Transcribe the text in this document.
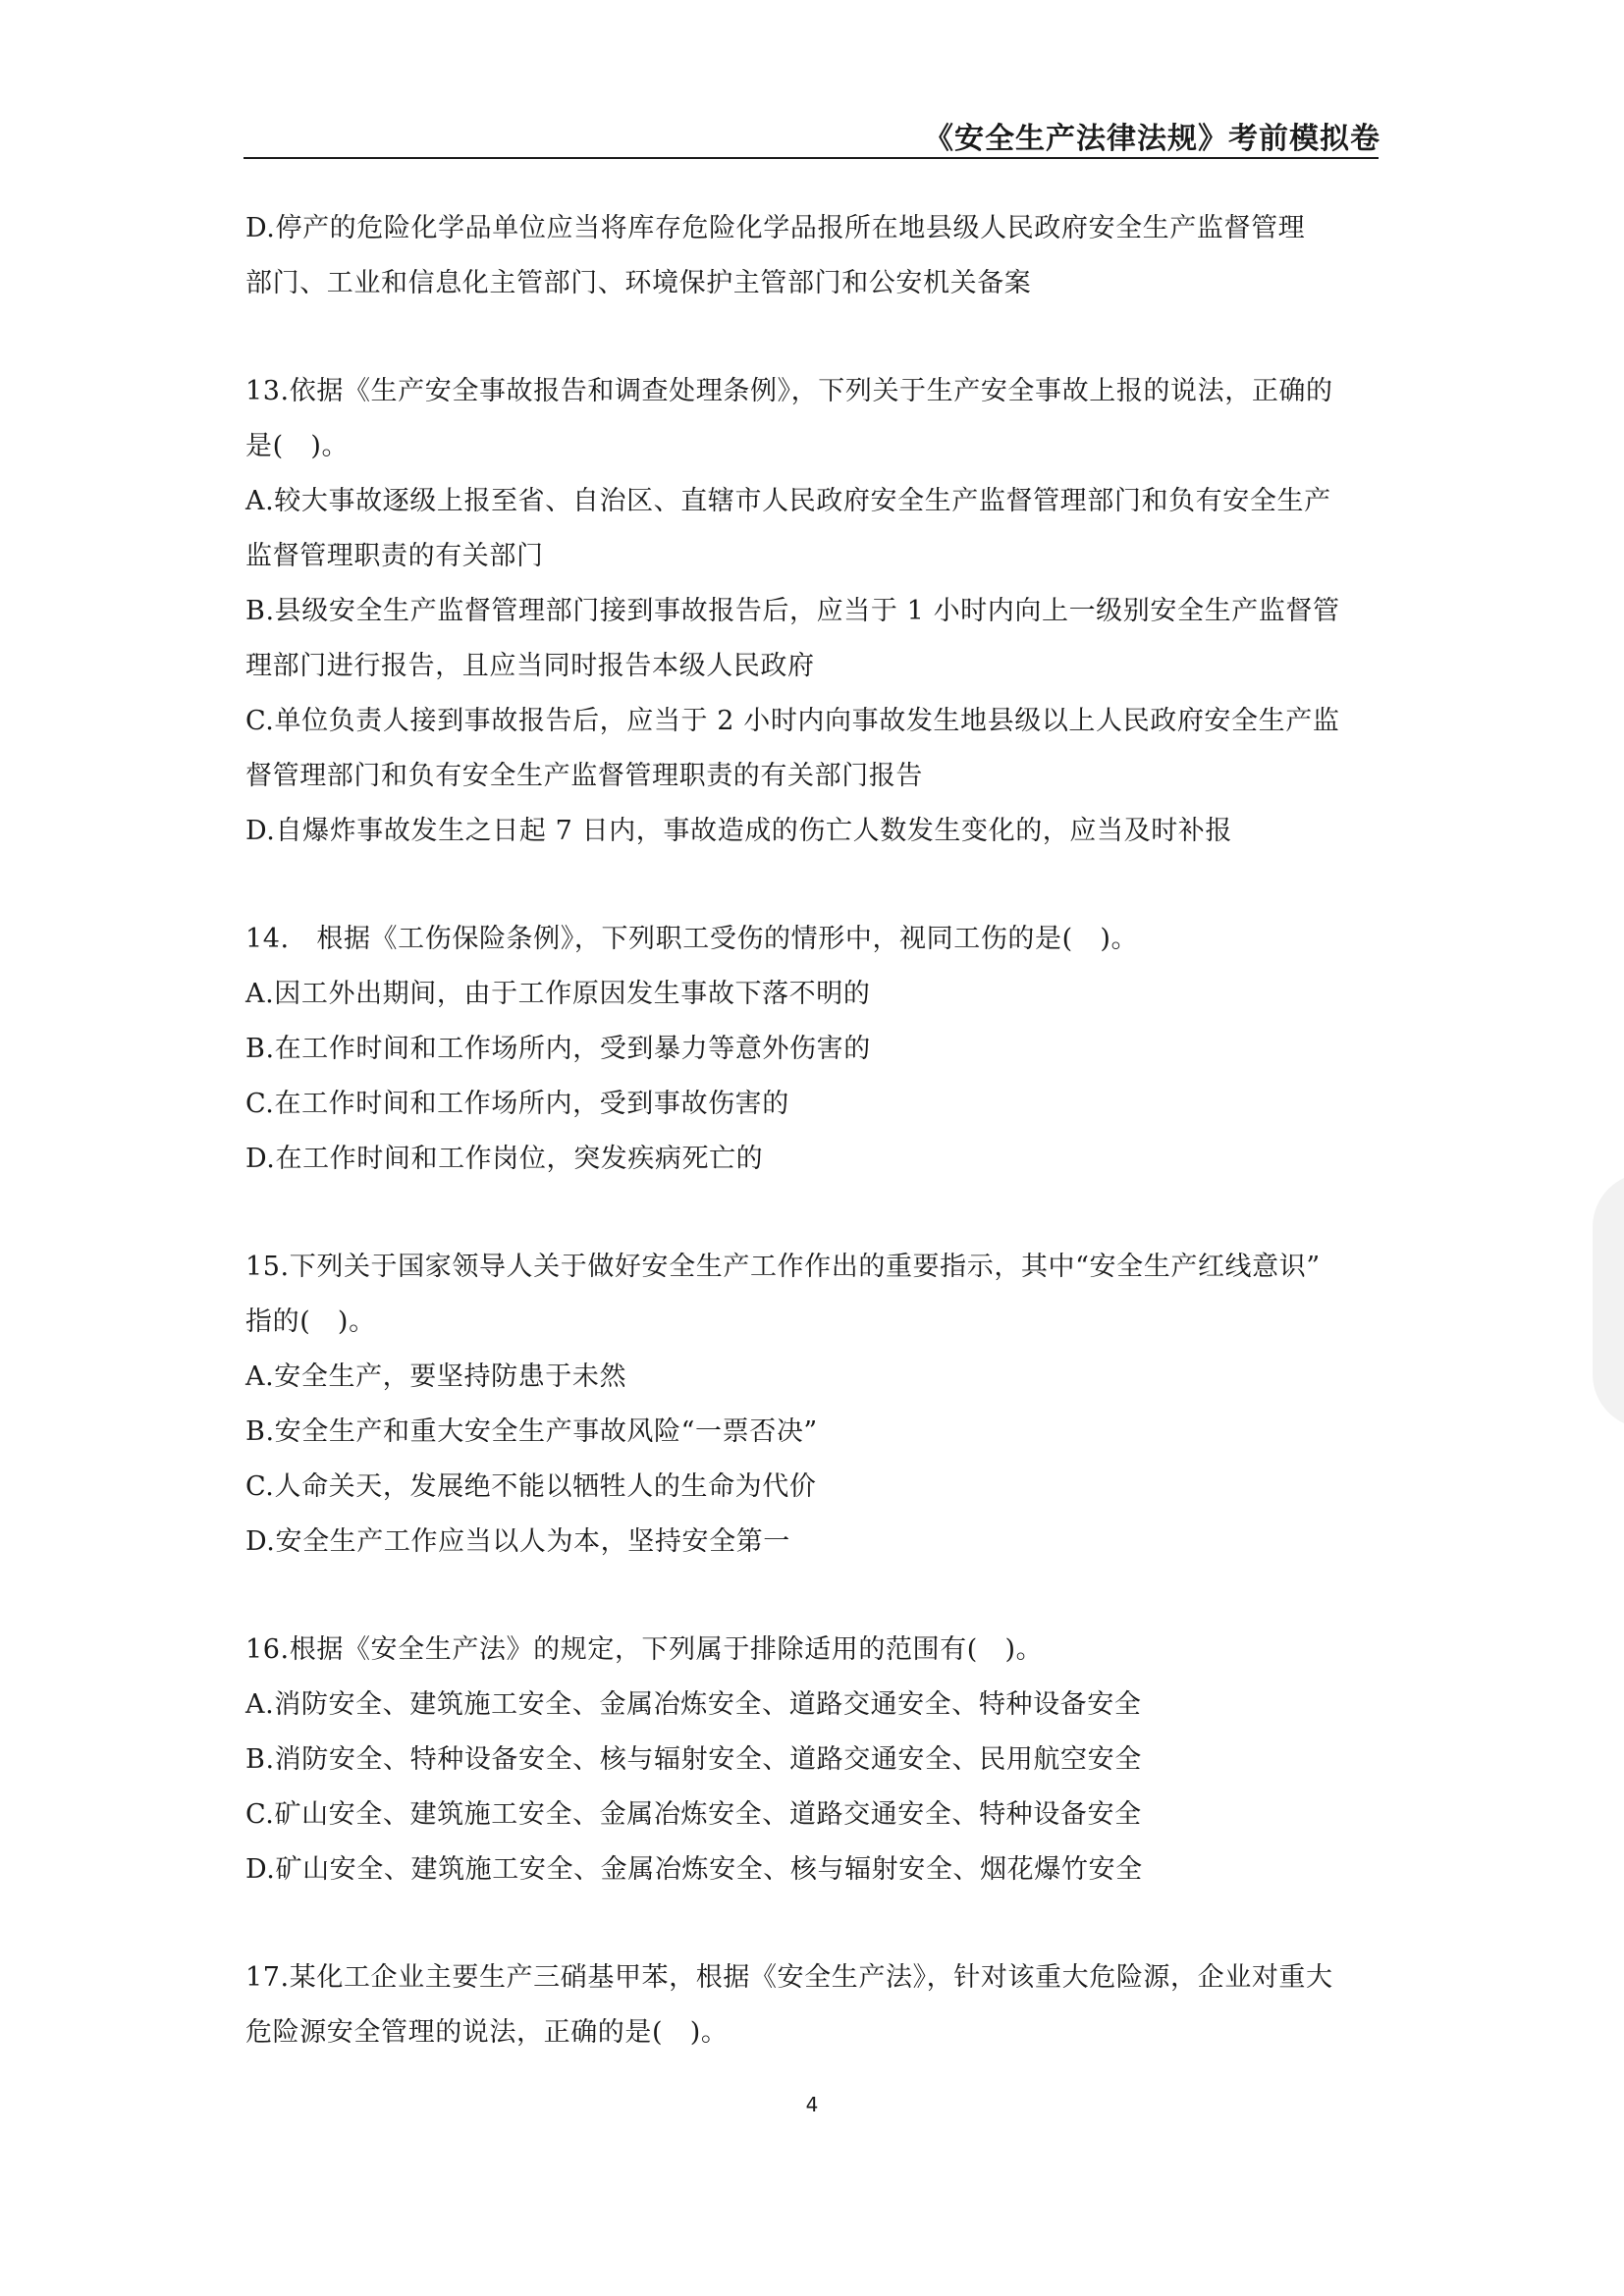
《安全生产法律法规》考前模拟卷
D.停产的危险化学品单位应当将库存危险化学品报所在地县级人民政府安全生产监督管理
部门、工业和信息化主管部门、环境保护主管部门和公安机关备案
13.依据《生产安全事故报告和调查处理条例》，下列关于生产安全事故上报的说法，正确的
是(　)。
A.较大事故逐级上报至省、自治区、直辖市人民政府安全生产监督管理部门和负有安全生产
监督管理职责的有关部门
B.县级安全生产监督管理部门接到事故报告后，应当于 1 小时内向上一级别安全生产监督管
理部门进行报告，且应当同时报告本级人民政府
C.单位负责人接到事故报告后，应当于 2 小时内向事故发生地县级以上人民政府安全生产监
督管理部门和负有安全生产监督管理职责的有关部门报告
D.自爆炸事故发生之日起 7 日内，事故造成的伤亡人数发生变化的，应当及时补报
14.　根据《工伤保险条例》，下列职工受伤的情形中，视同工伤的是(　)。
A.因工外出期间，由于工作原因发生事故下落不明的
B.在工作时间和工作场所内，受到暴力等意外伤害的
C.在工作时间和工作场所内，受到事故伤害的
D.在工作时间和工作岗位，突发疾病死亡的
15.下列关于国家领导人关于做好安全生产工作作出的重要指示，其中“安全生产红线意识”
指的(　)。
A.安全生产，要坚持防患于未然
B.安全生产和重大安全生产事故风险“一票否决”
C.人命关天，发展绝不能以牺牲人的生命为代价
D.安全生产工作应当以人为本，坚持安全第一
16.根据《安全生产法》的规定，下列属于排除适用的范围有(　)。
A.消防安全、建筑施工安全、金属冶炼安全、道路交通安全、特种设备安全
B.消防安全、特种设备安全、核与辐射安全、道路交通安全、民用航空安全
C.矿山安全、建筑施工安全、金属冶炼安全、道路交通安全、特种设备安全
D.矿山安全、建筑施工安全、金属冶炼安全、核与辐射安全、烟花爆竹安全
17.某化工企业主要生产三硝基甲苯，根据《安全生产法》，针对该重大危险源，企业对重大
危险源安全管理的说法，正确的是(　)。
4
